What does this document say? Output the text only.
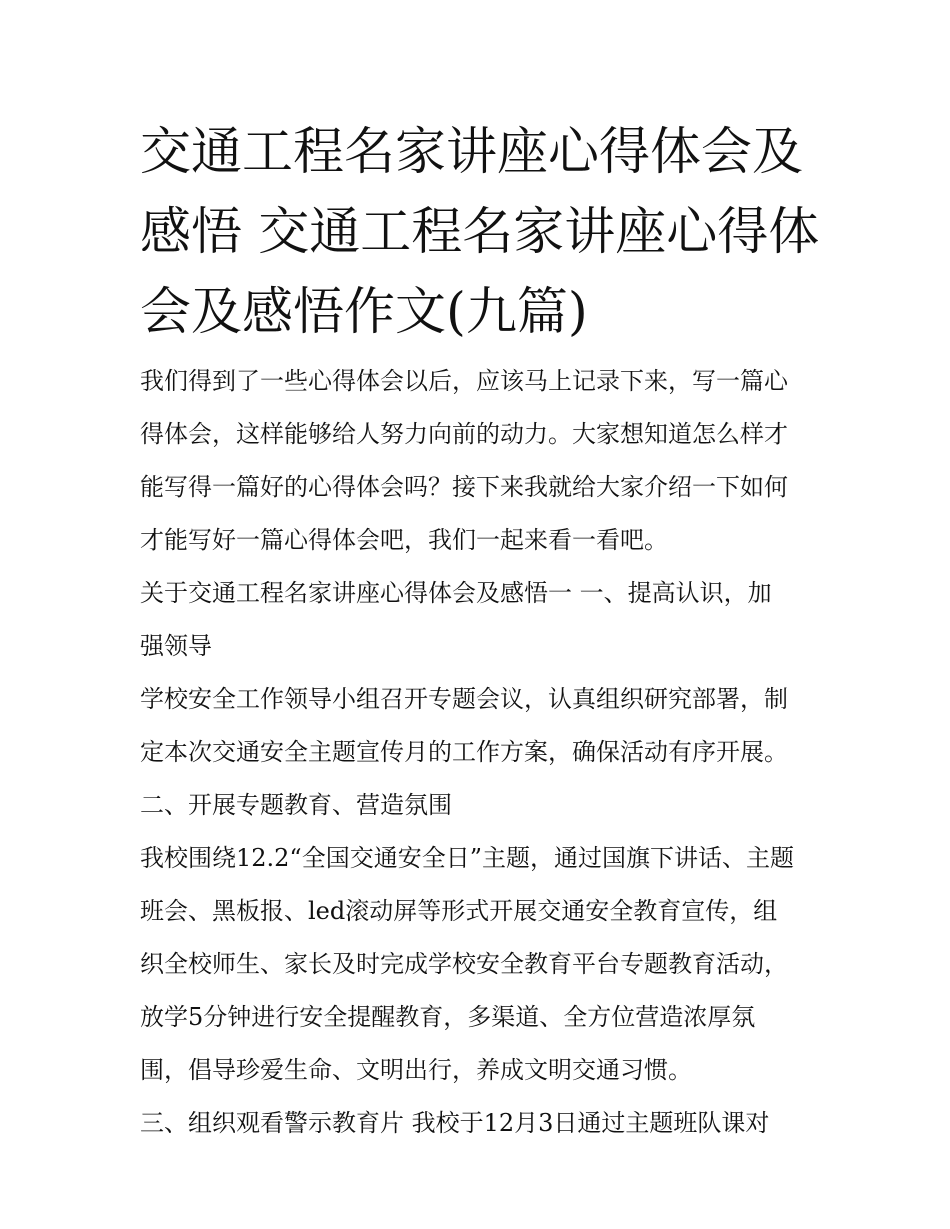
交通工程名家讲座心得体会及
感悟 交通工程名家讲座心得体
会及感悟作文(九篇)
我们得到了一些心得体会以后，应该马上记录下来，写一篇心
得体会，这样能够给人努力向前的动力。大家想知道怎么样才
能写得一篇好的心得体会吗？接下来我就给大家介绍一下如何
才能写好一篇心得体会吧，我们一起来看一看吧。
关于交通工程名家讲座心得体会及感悟一 一、提高认识，加
强领导
学校安全工作领导小组召开专题会议，认真组织研究部署，制
定本次交通安全主题宣传月的工作方案，确保活动有序开展。
二、开展专题教育、营造氛围
我校围绕12.2“全国交通安全日”主题，通过国旗下讲话、主题
班会、黑板报、led滚动屏等形式开展交通安全教育宣传，组
织全校师生、家长及时完成学校安全教育平台专题教育活动，
放学5分钟进行安全提醒教育，多渠道、全方位营造浓厚氛
围，倡导珍爱生命、文明出行，养成文明交通习惯。
三、组织观看警示教育片 我校于12月3日通过主题班队课对
